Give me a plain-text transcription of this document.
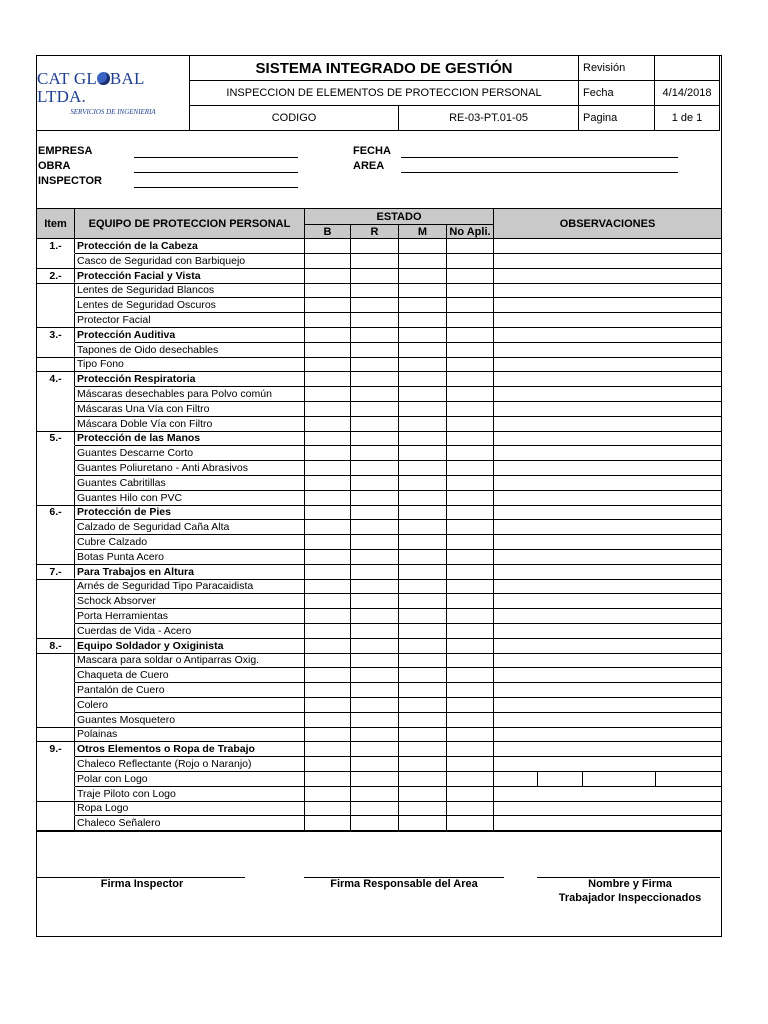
CAT GL BAL LTDA.
SERVICIOS DE INGENIERIA
SISTEMA INTEGRADO DE GESTIÓN
INSPECCION DE ELEMENTOS DE PROTECCION PERSONAL
CODIGO	RE-03-PT.01-05
Revisión
Fecha	4/14/2018
Pagina	1 de 1
EMPRESA
OBRA
INSPECTOR
FECHA
AREA
Item	EQUIPO DE PROTECCION PERSONAL
ESTADO
B	R	M	No Apli.
OBSERVACIONES
1.-	Protección de la Cabeza
Casco de Seguridad con Barbiquejo
2.-	Protección Facial y Vista
Lentes de Seguridad Blancos
Lentes de Seguridad Oscuros
Protector Facial
3.-	Protección Auditiva
Tapones de Oido desechables
Tipo Fono
4.-	Protección Respiratoria
Máscaras desechables para Polvo común
Máscaras Una Vía con Filtro
Máscara Doble Vía con Filtro
5.-	Protección de las Manos
Guantes Descarne Corto
Guantes Poliuretano - Anti Abrasivos
Guantes Cabritillas
Guantes Hilo con PVC
6.-	Protección de Pies
Calzado de Seguridad Caña Alta
Cubre Calzado
Botas Punta Acero
7.-	Para Trabajos en Altura
Arnés de Seguridad Tipo Paracaidista
Schock Absorver
Porta Herramientas
Cuerdas de Vida - Acero
8.-	Equipo Soldador y Oxiginista
Mascara para soldar o Antiparras Oxig.
Chaqueta de Cuero
Pantalón de Cuero
Colero
Guantes Mosquetero
Polainas
9.-	Otros Elementos o Ropa de Trabajo
Chaleco Reflectante (Rojo o Naranjo)
Polar con Logo
Traje Piloto con Logo
Ropa Logo
Chaleco Señalero
Firma Inspector	Firma Responsable del Area	Nombre y Firma
Trabajador Inspeccionados
